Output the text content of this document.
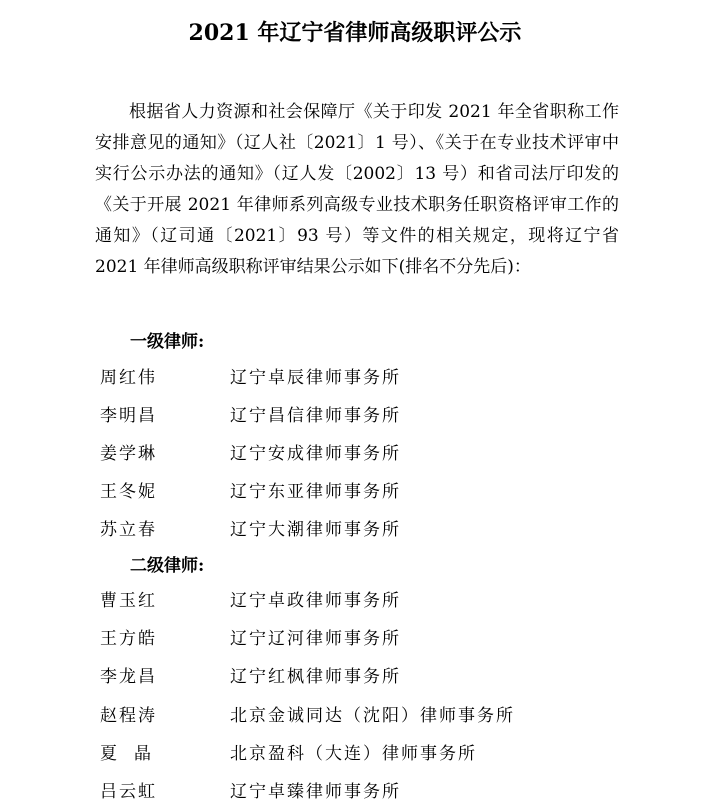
2021 年辽宁省律师高级职评公示

根据省人力资源和社会保障厅《关于印发 2021 年全省职称工作安排意见的通知》（辽人社〔2021〕1 号）、《关于在专业技术评审中实行公示办法的通知》（辽人发〔2002〕13 号）和省司法厅印发的《关于开展 2021 年律师系列高级专业技术职务任职资格评审工作的通知》（辽司通〔2021〕93 号）等文件的相关规定，现将辽宁省 2021 年律师高级职称评审结果公示如下(排名不分先后)：

一级律师:
周红伟	辽宁卓辰律师事务所
李明昌	辽宁昌信律师事务所
姜学琳	辽宁安成律师事务所
王冬妮	辽宁东亚律师事务所
苏立春	辽宁大潮律师事务所
二级律师:
曹玉红	辽宁卓政律师事务所
王方皓	辽宁辽河律师事务所
李龙昌	辽宁红枫律师事务所
赵程涛	北京金诚同达（沈阳）律师事务所
夏　晶	北京盈科（大连）律师事务所
吕云虹	辽宁卓臻律师事务所
